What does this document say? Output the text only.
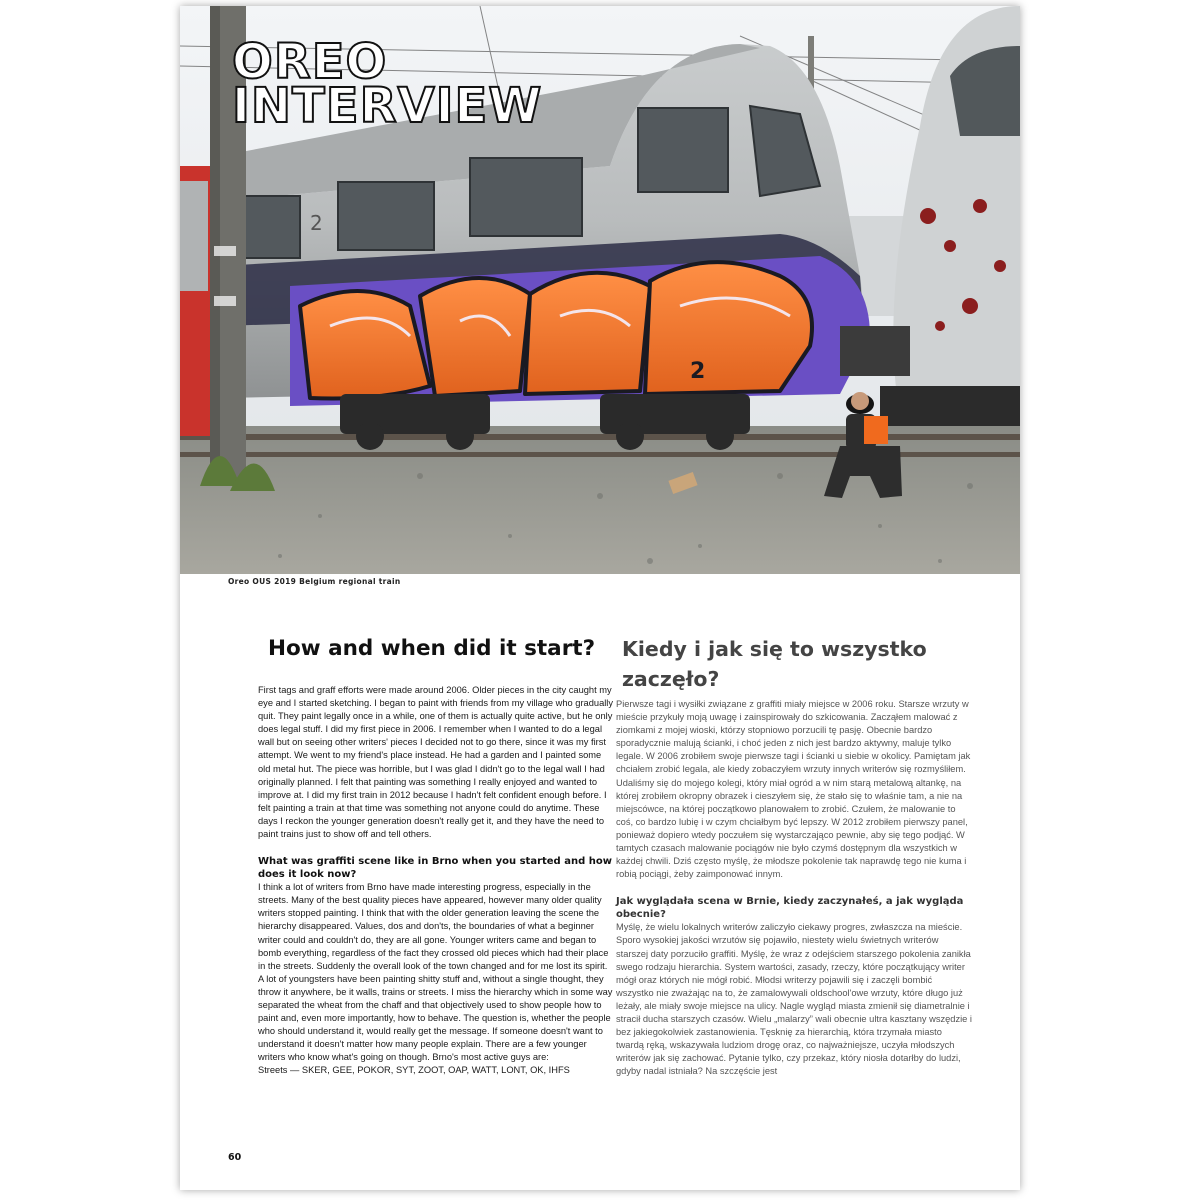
2
2
OREO
INTERVIEW
Oreo OUS 2019 Belgium regional train
How and when did it start?

First tags and graff efforts were made around 2006. Older pieces in the city caught my eye and I started sketching. I began to paint with friends from my village who gradually quit. They paint legally once in a while, one of them is actually quite active, but he only does legal stuff. I did my first piece in 2006. I remember when I wanted to do a legal wall but on seeing other writers' pieces I decided not to go there, since it was my first attempt. We went to my friend's place instead. He had a garden and I painted some old metal hut. The piece was horrible, but I was glad I didn't go to the legal wall I had originally planned. I felt that painting was something I really enjoyed and wanted to improve at. I did my first train in 2012 because I hadn't felt confident enough before. I felt painting a train at that time was something not anyone could do anytime. These days I reckon the younger generation doesn't really get it, and they have the need to paint trains just to show off and tell others.

What was graffiti scene like in Brno when you started and how does it look now?

I think a lot of writers from Brno have made interesting progress, especially in the streets. Many of the best quality pieces have appeared, however many older quality writers stopped painting. I think that with the older generation leaving the scene the hierarchy disappeared. Values, dos and don'ts, the boundaries of what a beginner writer could and couldn't do, they are all gone. Younger writers came and began to bomb everything, regardless of the fact they crossed old pieces which had their place in the streets. Suddenly the overall look of the town changed and for me lost its spirit. A lot of youngsters have been painting shitty stuff and, without a single thought, they throw it anywhere, be it walls, trains or streets. I miss the hierarchy which in some way separated the wheat from the chaff and that objectively used to show people how to paint and, even more importantly, how to behave. The question is, whether the people who should understand it, would really get the message. If someone doesn't want to understand it doesn't matter how many people explain. There are a few younger writers who know what's going on though. Brno's most active guys are:

Streets — SKER, GEE, POKOR, SYT, ZOOT, OAP, WATT, LONT, OK, IHFS

Kiedy i jak się to wszystko zaczęło?

Pierwsze tagi i wysiłki związane z graffiti miały miejsce w 2006 roku. Starsze wrzuty w mieście przykuły moją uwagę i zainspirowały do szkicowania. Zacząłem malować z ziomkami z mojej wioski, którzy stopniowo porzucili tę pasję. Obecnie bardzo sporadycznie malują ścianki, i choć jeden z nich jest bardzo aktywny, maluje tylko legale. W 2006 zrobiłem swoje pierwsze tagi i ścianki u siebie w okolicy. Pamiętam jak chciałem zrobić legala, ale kiedy zobaczyłem wrzuty innych writerów się rozmyśliłem. Udaliśmy się do mojego kolegi, który miał ogród a w nim starą metalową altankę, na której zrobiłem okropny obrazek i cieszyłem się, że stało się to właśnie tam, a nie na miejscówce, na której początkowo planowałem to zrobić. Czułem, że malowanie to coś, co bardzo lubię i w czym chciałbym być lepszy. W 2012 zrobiłem pierwszy panel, ponieważ dopiero wtedy poczułem się wystarczająco pewnie, aby się tego podjąć. W tamtych czasach malowanie pociągów nie było czymś dostępnym dla wszystkich w każdej chwili. Dziś często myślę, że młodsze pokolenie tak naprawdę tego nie kuma i robią pociągi, żeby zaimponować innym.

Jak wyglądała scena w Brnie, kiedy zaczynałeś, a jak wygląda obecnie?

Myślę, że wielu lokalnych writerów zaliczyło ciekawy progres, zwłaszcza na mieście. Sporo wysokiej jakości wrzutów się pojawiło, niestety wielu świetnych writerów starszej daty porzuciło graffiti. Myślę, że wraz z odejściem starszego pokolenia zanikła swego rodzaju hierarchia. System wartości, zasady, rzeczy, które początkujący writer mógł oraz których nie mógł robić. Młodsi writerzy pojawili się i zaczęli bombić wszystko nie zważając na to, że zamalowywali oldschool'owe wrzuty, które długo już leżały, ale miały swoje miejsce na ulicy. Nagle wygląd miasta zmienił się diametralnie i stracił ducha starszych czasów. Wielu „malarzy” wali obecnie ultra kasztany wszędzie i bez jakiegokolwiek zastanowienia. Tęsknię za hierarchią, która trzymała miasto twardą ręką, wskazywała ludziom drogę oraz, co najważniejsze, uczyła młodszych writerów jak się zachować. Pytanie tylko, czy przekaz, który niosła dotarłby do ludzi, gdyby nadal istniała? Na szczęście jest

60
